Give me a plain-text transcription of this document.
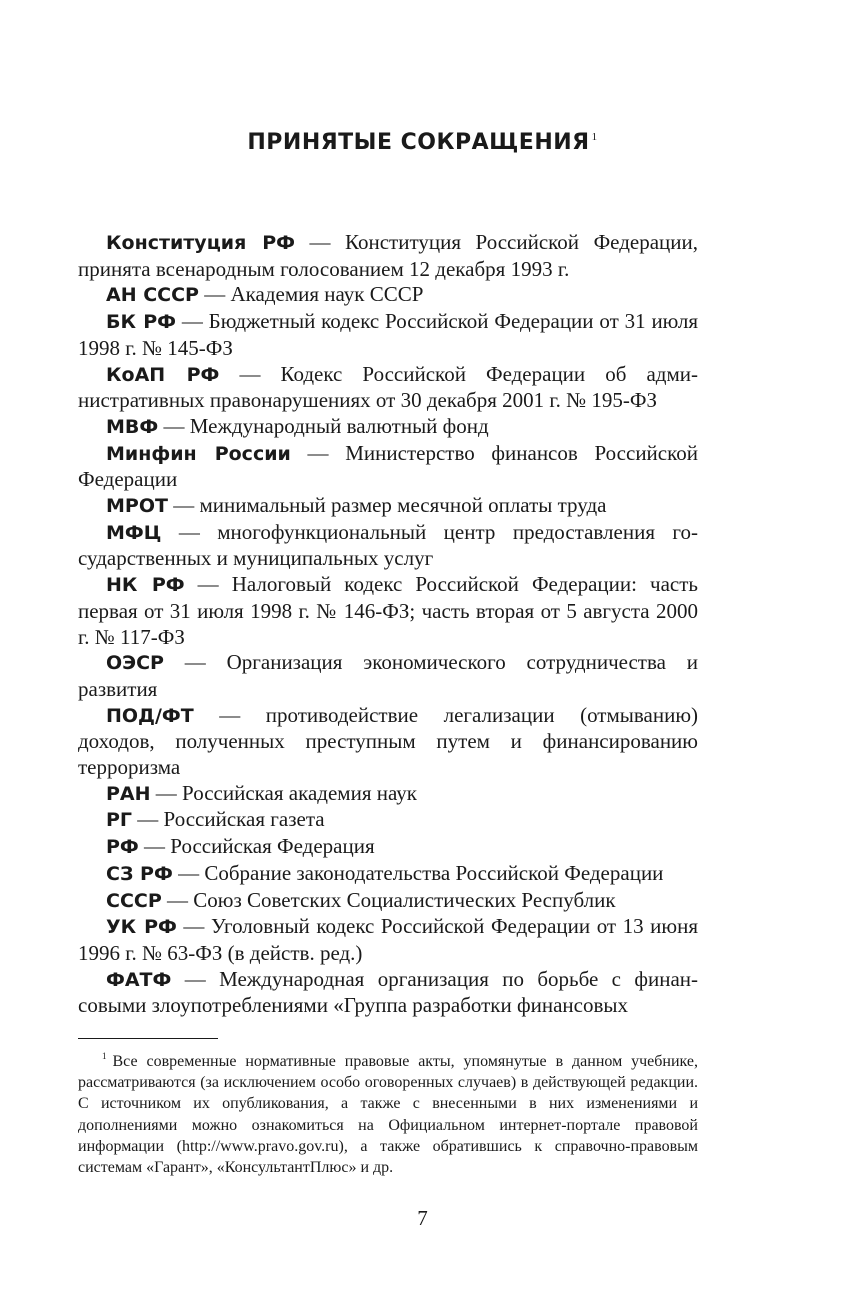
ПРИНЯТЫЕ СОКРАЩЕНИЯ $^1$

Конституция РФ — Конституция Российской Федерации, принята всенародным голосованием 12 декабря 1993 г.

АН СССР — Академия наук СССР

БК РФ — Бюджетный кодекс Российской Федерации от 31 июля 1998 г. № 145-ФЗ

КоАП РФ — Кодекс Российской Федерации об административных правонарушениях от 30 декабря 2001 г. № 195-ФЗ

МВФ — Международный валютный фонд

Минфин России — Министерство финансов Российской Федерации

МРОТ — минимальный размер месячной оплаты труда

МФЦ — многофункциональный центр предоставления государственных и муниципальных услуг

НК РФ — Налоговый кодекс Российской Федерации: часть первая от 31 июля 1998 г. № 146-ФЗ; часть вторая от 5 августа 2000 г. № 117-ФЗ

ОЭСР — Организация экономического сотрудничества и развития

ПОД/ФТ — противодействие легализации (отмыванию) доходов, полученных преступным путем и финансированию терроризма

РАН — Российская академия наук

РГ — Российская газета

РФ — Российская Федерация

СЗ РФ — Собрание законодательства Российской Федерации

СССР — Союз Советских Социалистических Республик

УК РФ — Уголовный кодекс Российской Федерации от 13 июня 1996 г. № 63-ФЗ (в действ. ред.)

ФАТФ — Международная организация по борьбе с финансовыми злоупотреблениями «Группа разработки финансовых

$^1$ Все современные нормативные правовые акты, упомянутые в данном учебнике, рассматриваются (за исключением особо оговоренных случаев) в действующей редакции. С источником их опубликования, а также с внесенными в них изменениями и дополнениями можно ознакомиться на Официальном интернет-портале правовой информации (http://www.pravo.gov.ru), а также обратившись к справочно-правовым системам «Гарант», «КонсультантПлюс» и др.

7
